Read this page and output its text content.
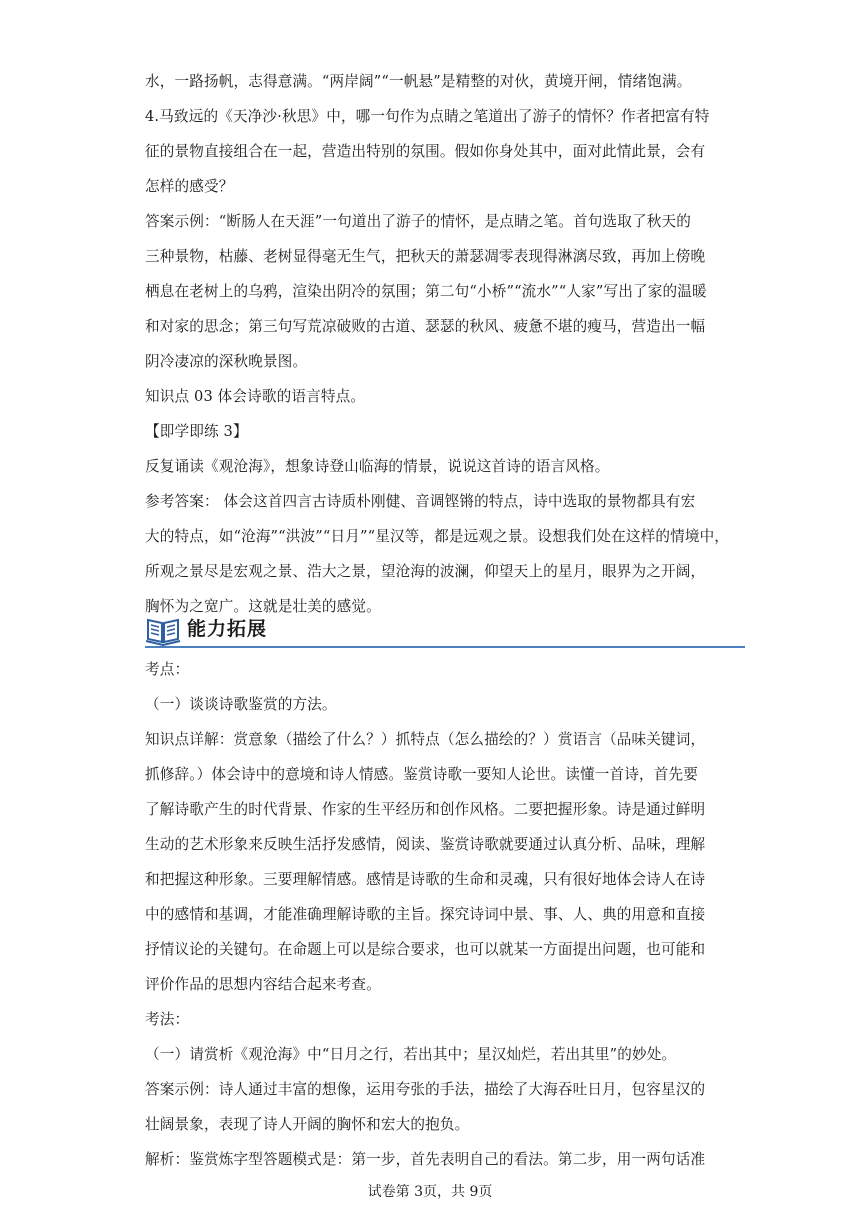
水，一路扬帆，志得意满。“两岸阔”“一帆悬”是精整的对伙，黄境开闸，情绪饱满。
4.马致远的《天净沙·秋思》中，哪一句作为点睛之笔道出了游子的情怀？作者把富有特
征的景物直接组合在一起，营造出特别的氛围。假如你身处其中，面对此情此景，会有
怎样的感受？
答案示例：“断肠人在天涯”一句道出了游子的情怀，是点睛之笔。首句选取了秋天的
三种景物，枯藤、老树显得毫无生气，把秋天的萧瑟凋零表现得淋漓尽致，再加上傍晚
栖息在老树上的乌鸦，渲染出阴冷的氛围；第二句“小桥”“流水”“人家”写出了家的温暖
和对家的思念；第三句写荒凉破败的古道、瑟瑟的秋风、疲惫不堪的瘦马，营造出一幅
阴冷凄凉的深秋晚景图。
知识点 03 体会诗歌的语言特点。
【即学即练 3】
反复诵读《观沧海》，想象诗登山临海的情景，说说这首诗的语言风格。
参考答案： 体会这首四言古诗质朴刚健、音调铿锵的特点，诗中选取的景物都具有宏
大的特点，如“沧海”“洪波”“日月”“星汉等，都是远观之景。设想我们处在这样的情境中，
所观之景尽是宏观之景、浩大之景，望沧海的波澜，仰望天上的星月，眼界为之开阔，
胸怀为之宽广。这就是壮美的感觉。
能力拓展
考点：
（一）谈谈诗歌鉴赏的方法。
知识点详解：赏意象（描绘了什么？）抓特点（怎么描绘的？）赏语言（品味关键词，
抓修辞。）体会诗中的意境和诗人情感。鉴赏诗歌一要知人论世。读懂一首诗，首先要
了解诗歌产生的时代背景、作家的生平经历和创作风格。二要把握形象。诗是通过鲜明
生动的艺术形象来反映生活抒发感情，阅读、鉴赏诗歌就要通过认真分析、品味，理解
和把握这种形象。三要理解情感。感情是诗歌的生命和灵魂，只有很好地体会诗人在诗
中的感情和基调，才能准确理解诗歌的主旨。探究诗词中景、事、人、典的用意和直接
抒情议论的关键句。在命题上可以是综合要求，也可以就某一方面提出问题，也可能和
评价作品的思想内容结合起来考查。
考法：
（一）请赏析《观沧海》中“日月之行，若出其中；星汉灿烂，若出其里”的妙处。
答案示例：诗人通过丰富的想像，运用夸张的手法，描绘了大海吞吐日月，包容星汉的
壮阔景象，表现了诗人开阔的胸怀和宏大的抱负。
解析：鉴赏炼字型答题模式是：第一步，首先表明自己的看法。第二步，用一两句话准
试卷第 3页，共 9页
